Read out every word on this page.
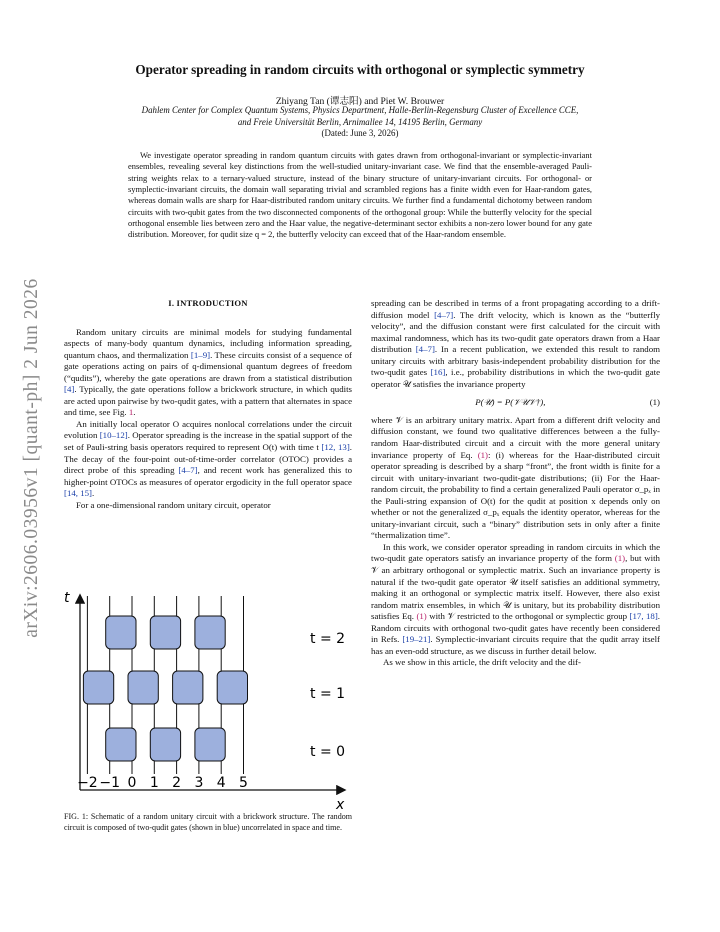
arXiv:2606.03956v1 [quant-ph] 2 Jun 2026
Operator spreading in random circuits with orthogonal or symplectic symmetry
Zhiyang Tan (谭志阳) and Piet W. Brouwer
Dahlem Center for Complex Quantum Systems, Physics Department, Halle-Berlin-Regensburg Cluster of Excellence CCE,
and Freie Universität Berlin, Arnimallee 14, 14195 Berlin, Germany
(Dated: June 3, 2026)

We investigate operator spreading in random quantum circuits with gates drawn from orthogonal-invariant or symplectic-invariant ensembles, revealing several key distinctions from the well-studied unitary-invariant case. We find that the ensemble-averaged Pauli-string weights relax to a ternary-valued structure, instead of the binary structure of unitary-invariant circuits. For orthogonal- or symplectic-invariant circuits, the domain wall separating trivial and scrambled regions has a finite width even for Haar-random gates, whereas domain walls are sharp for Haar-distributed random unitary circuits. We further find a fundamental dichotomy between random circuits with two-qubit gates from the two disconnected components of the orthogonal group: While the butterfly velocity for the special orthogonal ensemble lies between zero and the Haar value, the negative-determinant sector exhibits a non-zero lower bound for any gate distribution. Moreover, for qudit size q = 2, the butterfly velocity can exceed that of the Haar-random ensemble.

I. INTRODUCTION

Random unitary circuits are minimal models for studying fundamental aspects of many-body quantum dynamics, including information spreading, quantum chaos, and thermalization [1–9]. These circuits consist of a sequence of gate operations acting on pairs of q-dimensional quantum degrees of freedom (“qudits”), whereby the gate operations are drawn from a statistical distribution [4]. Typically, the gate operations follow a brickwork structure, in which qudits are acted upon pairwise by two-qudit gates, with a pattern that alternates in space and time, see Fig. 1.

An initially local operator O acquires nonlocal correlations under the circuit evolution [10–12]. Operator spreading is the increase in the spatial support of the set of Pauli-string basis operators required to represent O(t) with time t [12, 13]. The decay of the four-point out-of-time-order correlator (OTOC) provides a direct probe of this spreading [4–7], and recent work has generalized this to higher-point OTOCs as measures of operator ergodicity in the full operator space [14, 15].

For a one-dimensional random unitary circuit, operator

t
x
t = 2
t = 1
t = 0
−2 −1 0 1 2 3 4 5
FIG. 1: Schematic of a random unitary circuit with a brickwork structure. The random circuit is composed of two-qudit gates (shown in blue) uncorrelated in space and time.

spreading can be described in terms of a front propagating according to a drift-diffusion model [4–7]. The drift velocity, which is known as the “butterfly velocity”, and the diffusion constant were first calculated for the circuit with maximal randomness, which has its two-qudit gate operators drawn from a Haar distribution [4–7]. In a recent publication, we extended this result to random unitary circuits with arbitrary basis-independent probability distribution for the two-qudit gates [16], i.e., probability distributions in which the two-qudit gate operator 𝒰 satisfies the invariance property

P(𝒰) = P(𝒱𝒰𝒱†),	(1)

where 𝒱 is an arbitrary unitary matrix. Apart from a different drift velocity and diffusion constant, we found two qualitative differences between a the fully-random Haar-distributed circuit and a circuit with the more general unitary invariance property of Eq. (1): (i) whereas for the Haar-distributed circuit operator spreading is described by a sharp “front”, the front width is finite for a circuit with unitary-invariant two-qudit-gate distributions; (ii) For the Haar-random circuit, the probability to find a certain generalized Pauli operator σ_pₓ in the Pauli-string expansion of O(t) for the qudit at position x depends only on whether or not the generalized σ_pₓ equals the identity operator, whereas for the unitary-invariant circuit, such a “binary” distribution sets in only after a finite “thermalization time”.

In this work, we consider operator spreading in random circuits in which the two-qudit gate operators satisfy an invariance property of the form (1), but with 𝒱 an arbitrary orthogonal or symplectic matrix. Such an invariance property is natural if the two-qudit gate operator 𝒰 itself satisfies an additional symmetry, making it an orthogonal or symplectic matrix itself. However, there also exist random matrix ensembles, in which 𝒰 is unitary, but its probability distribution satisfies Eq. (1) with 𝒱 restricted to the orthogonal or symplectic group [17, 18]. Random circuits with orthogonal two-qudit gates have recently been considered in Refs. [19–21]. Symplectic-invariant circuits require that the qudit array itself has an even-odd structure, as we discuss in further detail below.

As we show in this article, the drift velocity and the dif-
